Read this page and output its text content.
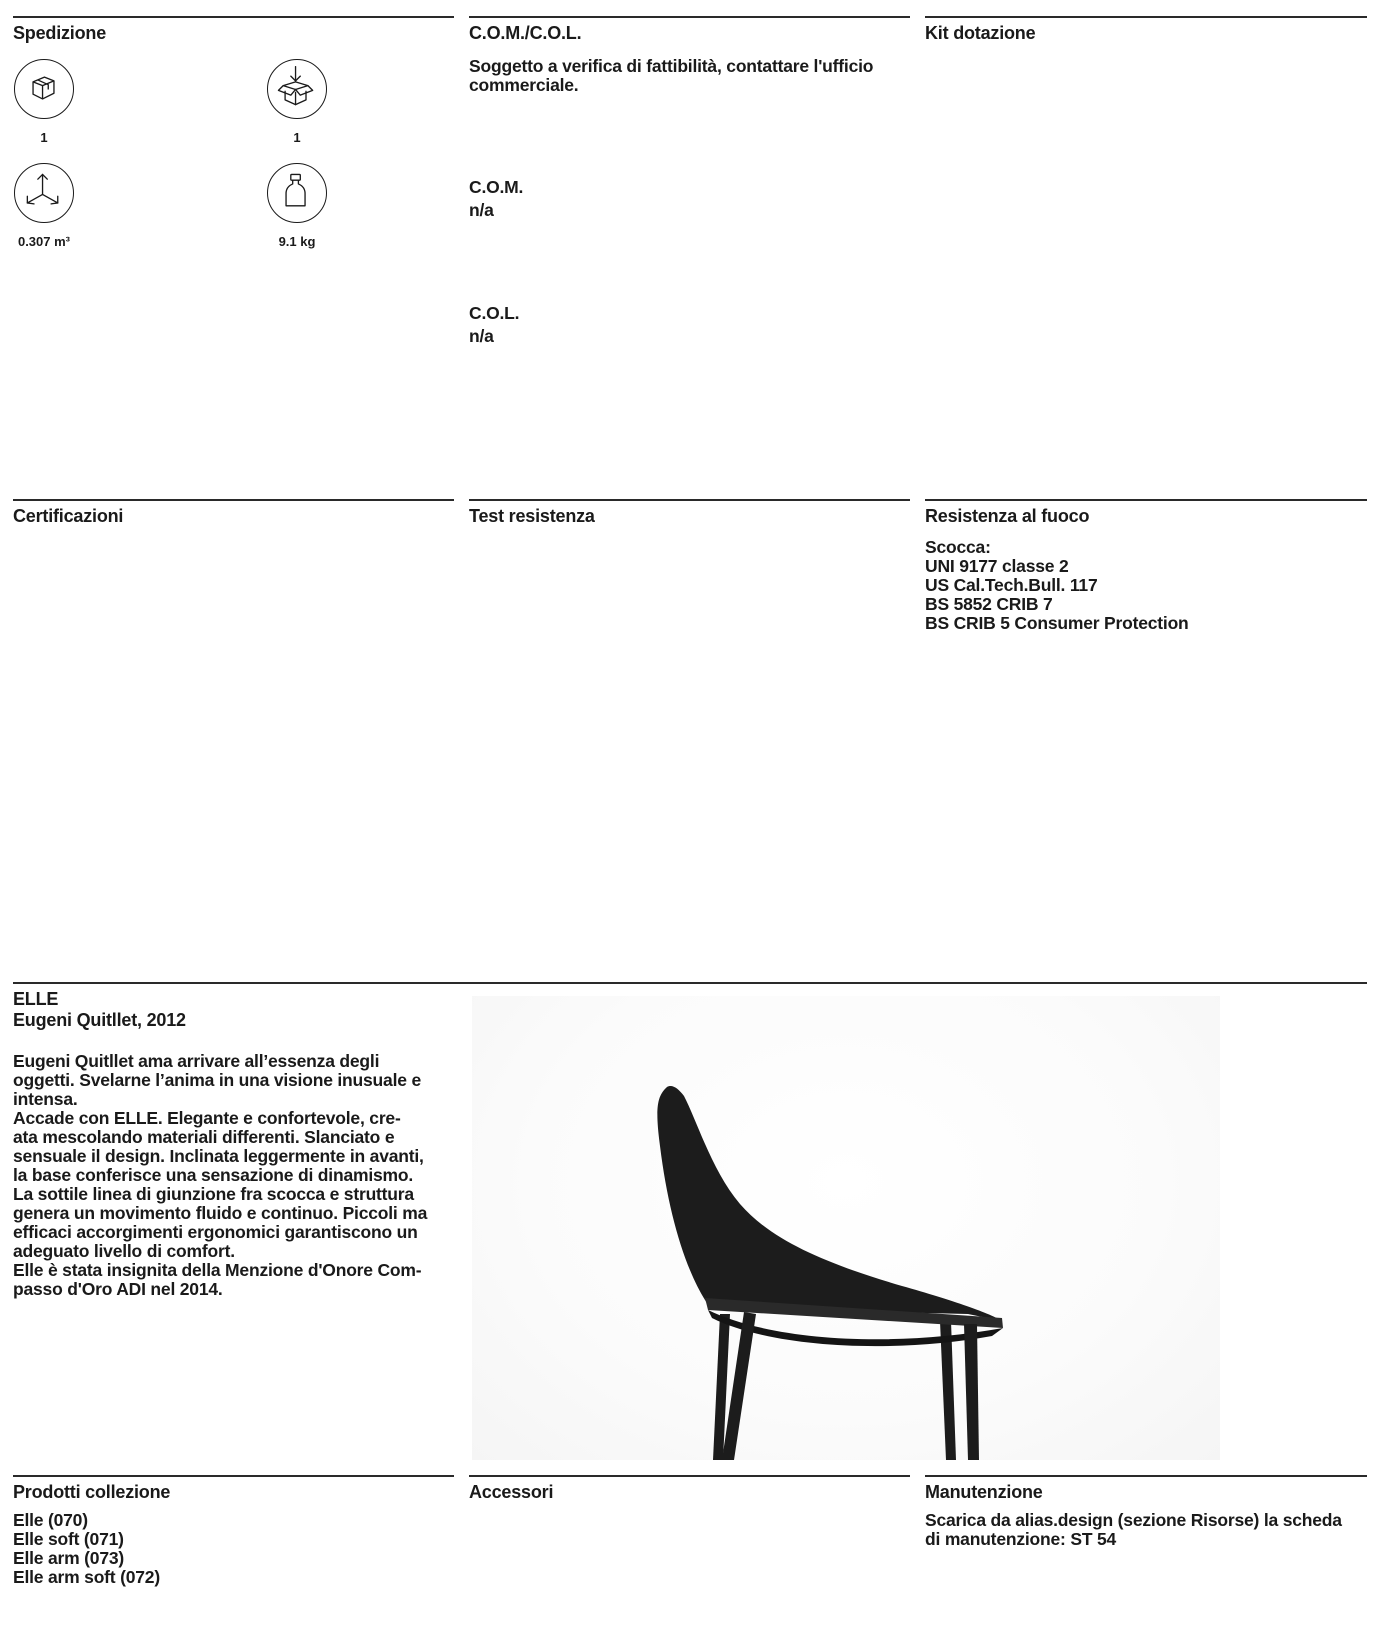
Spedizione	C.O.M./C.O.L.	Kit dotazione
1	1
0.307 m³	9.1 kg
Soggetto a verifica di fattibilità, contattare l'ufficio
commerciale.
C.O.M.
n/a
C.O.L.
n/a
Certificazioni	Test resistenza	Resistenza al fuoco
Scocca:
UNI 9177 classe 2
US Cal.Tech.Bull. 117
BS 5852 CRIB 7
BS CRIB 5 Consumer Protection
ELLE
Eugeni Quitllet, 2012
Eugeni Quitllet ama arrivare all’essenza degli
oggetti. Svelarne l’anima in una visione inusuale e
intensa.
Accade con ELLE. Elegante e confortevole, cre-
ata mescolando materiali differenti. Slanciato e
sensuale il design. Inclinata leggermente in avanti,
la base conferisce una sensazione di dinamismo.
La sottile linea di giunzione fra scocca e struttura
genera un movimento fluido e continuo. Piccoli ma
efficaci accorgimenti ergonomici garantiscono un
adeguato livello di comfort.
Elle è stata insignita della Menzione d'Onore Com-
passo d'Oro ADI nel 2014.
Prodotti collezione	Accessori	Manutenzione
Elle (070)
Elle soft (071)
Elle arm (073)
Elle arm soft (072)
Scarica da alias.design (sezione Risorse) la scheda
di manutenzione: ST 54
